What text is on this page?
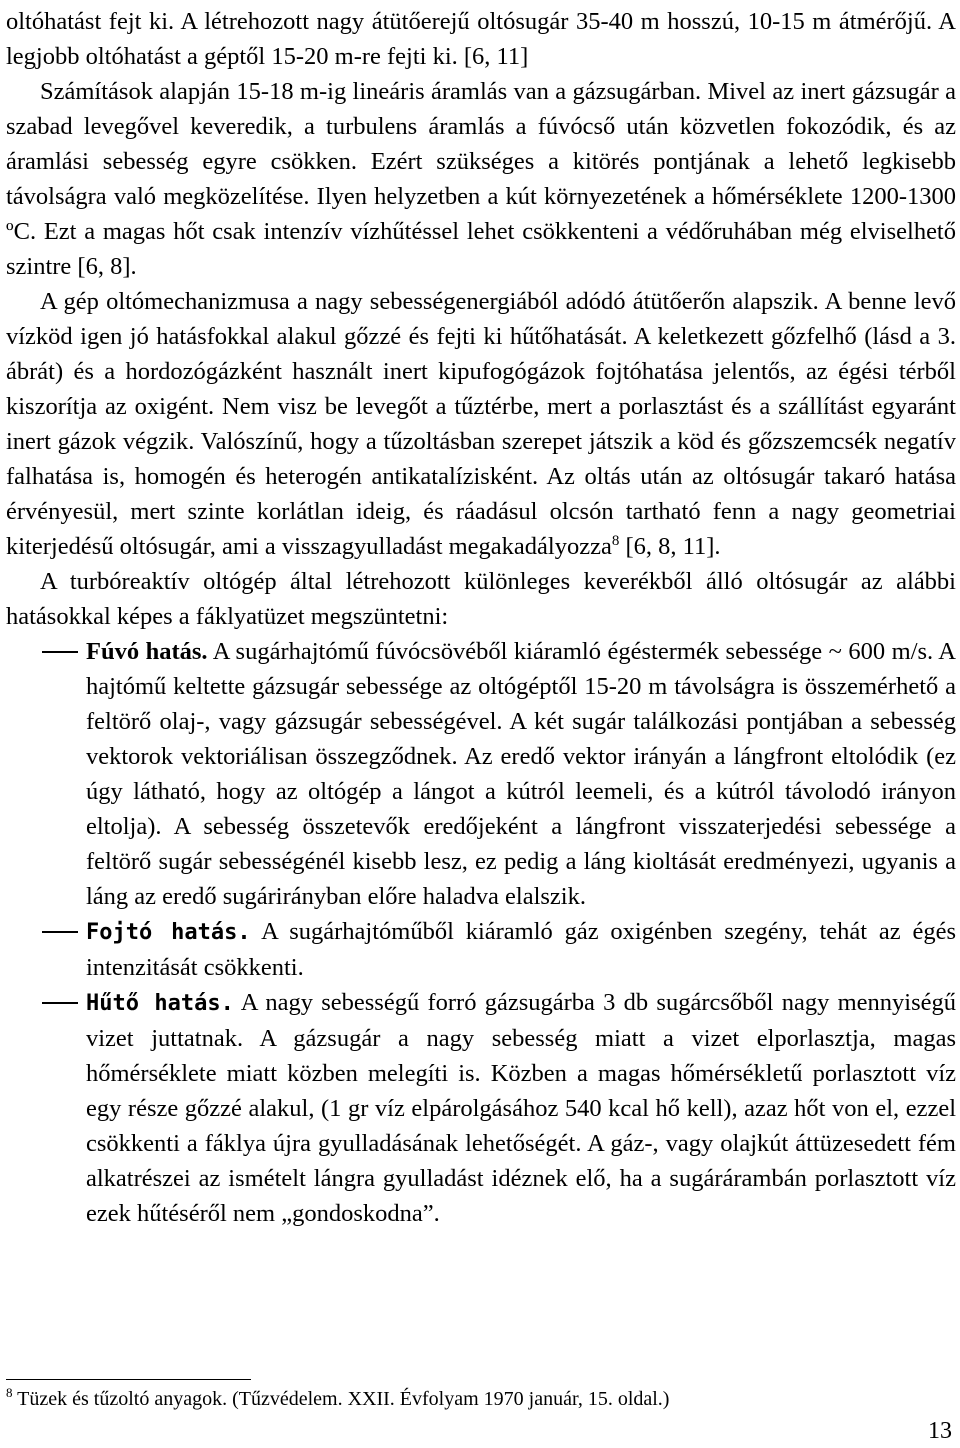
oltóhatást fejt ki. A létrehozott nagy átütőerejű oltósugár 35-40 m hosszú, 10-15 m átmérőjű. A legjobb oltóhatást a géptől 15-20 m-re fejti ki. [6, 11]

Számítások alapján 15-18 m-ig lineáris áramlás van a gázsugárban. Mivel az inert gázsugár a szabad levegővel keveredik, a turbulens áramlás a fúvócső után közvetlen fokozódik, és az áramlási sebesség egyre csökken. Ezért szükséges a kitörés pontjának a lehető legkisebb távolságra való megközelítése. Ilyen helyzetben a kút környezetének a hőmérséklete 1200-1300 ºC. Ezt a magas hőt csak intenzív vízhűtéssel lehet csökkenteni a védőruhában még elviselhető szintre [6, 8].

A gép oltómechanizmusa a nagy sebességenergiából adódó átütőerőn alapszik. A benne levő vízköd igen jó hatásfokkal alakul gőzzé és fejti ki hűtőhatását. A keletkezett gőzfelhő (lásd a 3. ábrát) és a hordozógázként használt inert kipufogógázok fojtóhatása jelentős, az égési térből kiszorítja az oxigént. Nem visz be levegőt a tűztérbe, mert a porlasztást és a szállítást egyaránt inert gázok végzik. Valószínű, hogy a tűzoltásban szerepet játszik a köd és gőzszemcsék negatív falhatása is, homogén és heterogén antikatalízisként. Az oltás után az oltósugár takaró hatása érvényesül, mert szinte korlátlan ideig, és ráadásul olcsón tartható fenn a nagy geometriai kiterjedésű oltósugár, ami a visszagyulladást megakadályozza$^8$ [6, 8, 11].

A turbóreaktív oltógép által létrehozott különleges keverékből álló oltósugár az alábbi hatásokkal képes a fáklyatüzet megszüntetni:

Fúvó hatás. A sugárhajtómű fúvócsövéből kiáramló égéstermék sebessége ~ 600 m/s. A hajtómű keltette gázsugár sebessége az oltógéptől 15-20 m távolságra is összemérhető a feltörő olaj-, vagy gázsugár sebességével. A két sugár találkozási pontjában a sebesség vektorok vektoriálisan összegződnek. Az eredő vektor irányán a lángfront eltolódik (ez úgy látható, hogy az oltógép a lángot a kútról leemeli, és a kútról távolodó irányon eltolja). A sebesség összetevők eredőjeként a lángfront visszaterjedési sebessége a feltörő sugár sebességénél kisebb lesz, ez pedig a láng kioltását eredményezi, ugyanis a láng az eredő sugárirányban előre haladva elalszik.

Fojtó hatás. A sugárhajtóműből kiáramló gáz oxigénben szegény, tehát az égés intenzitását csökkenti.

Hűtő hatás. A nagy sebességű forró gázsugárba 3 db sugárcsőből nagy mennyiségű vizet juttatnak. A gázsugár a nagy sebesség miatt a vizet elporlasztja, magas hőmérséklete miatt közben melegíti is. Közben a magas hőmérsékletű porlasztott víz egy része gőzzé alakul, (1 gr víz elpárolgásához 540 kcal hő kell), azaz hőt von el, ezzel csökkenti a fáklya újra gyulladásának lehetőségét. A gáz-, vagy olajkút áttüzesedett fém alkatrészei az ismételt lángra gyulladást idéznek elő, ha a sugárárambán porlasztott víz ezek hűtéséről nem „gondoskodna”.

$^8$ Tüzek és tűzoltó anyagok. (Tűzvédelem. XXII. Évfolyam 1970 január, 15. oldal.)
13
